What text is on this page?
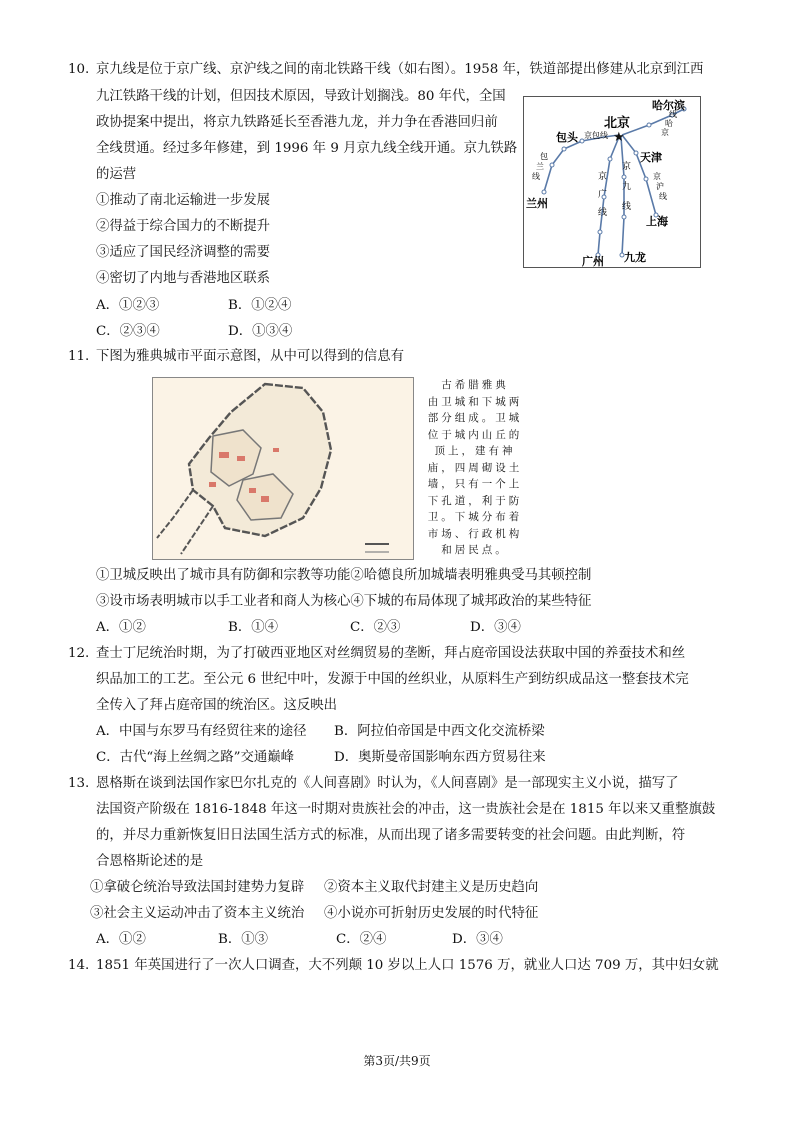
10. 京九线是位于京广线、京沪线之间的南北铁路干线（如右图）。1958 年，铁道部提出修建从北京到江西
九江铁路干线的计划，但因技术原因，导致计划搁浅。80 年代，全国
政协提案中提出，将京九铁路延长至香港九龙，并力争在香港回归前
全线贯通。经过多年修建，到 1996 年 9 月京九线全线开通。京九铁路
的运营
①推动了南北运输进一步发展
②得益于综合国力的不断提升
③适应了国民经济调整的需要
④密切了内地与香港地区联系
A．①②③	B．①②④
C．②③④	D．①③④
★
北京
哈尔滨
包头 京包线
天津
兰州
上海
广州 九龙
包
兰
线
京
哈
线
京
沪
线
京
广
线
京
九
线
11. 下图为雅典城市平面示意图，从中可以得到的信息有
古希腊雅典
由卫城和下城两
部分组成。卫城
位于城内山丘的
顶上，建有神
庙，四周砌设土
墙，只有一个上
下孔道，利于防
卫。下城分布着
市场、行政机构
和居民点。
①卫城反映出了城市具有防御和宗教等功能②哈德良所加城墙表明雅典受马其顿控制
③设市场表明城市以手工业者和商人为核心④下城的布局体现了城邦政治的某些特征
A．①②	B．①④	C．②③	D．③④
12. 查士丁尼统治时期，为了打破西亚地区对丝绸贸易的垄断，拜占庭帝国设法获取中国的养蚕技术和丝
织品加工的工艺。至公元 6 世纪中叶，发源于中国的丝织业，从原料生产到纺织成品这一整套技术完
全传入了拜占庭帝国的统治区。这反映出
A．中国与东罗马有经贸往来的途径 B．阿拉伯帝国是中西文化交流桥梁
C．古代“海上丝绸之路”交通巅峰	D．奥斯曼帝国影响东西方贸易往来
13. 恩格斯在谈到法国作家巴尔扎克的《人间喜剧》时认为，《人间喜剧》是一部现实主义小说，描写了
法国资产阶级在 1816-1848 年这一时期对贵族社会的冲击，这一贵族社会是在 1815 年以来又重整旗鼓
的，并尽力重新恢复旧日法国生活方式的标准，从而出现了诸多需要转变的社会问题。由此判断，符
合恩格斯论述的是
①拿破仑统治导致法国封建势力复辟 ②资本主义取代封建主义是历史趋向
③社会主义运动冲击了资本主义统治 ④小说亦可折射历史发展的时代特征
A．①②	B．①③	C．②④	D．③④
14. 1851 年英国进行了一次人口调查，大不列颠 10 岁以上人口 1576 万，就业人口达 709 万，其中妇女就
第3页/共9页
